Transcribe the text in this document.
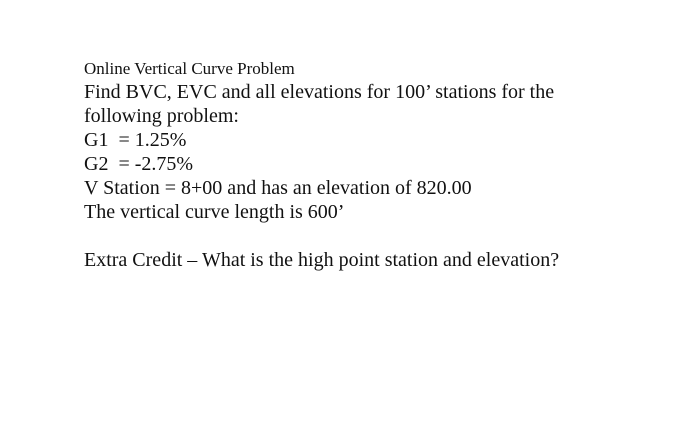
Online Vertical Curve Problem
Find BVC, EVC and all elevations for 100’ stations for the
following problem:
G1  = 1.25%
G2  = -2.75%
V Station = 8+00 and has an elevation of 820.00
The vertical curve length is 600’
Extra Credit – What is the high point station and elevation?
